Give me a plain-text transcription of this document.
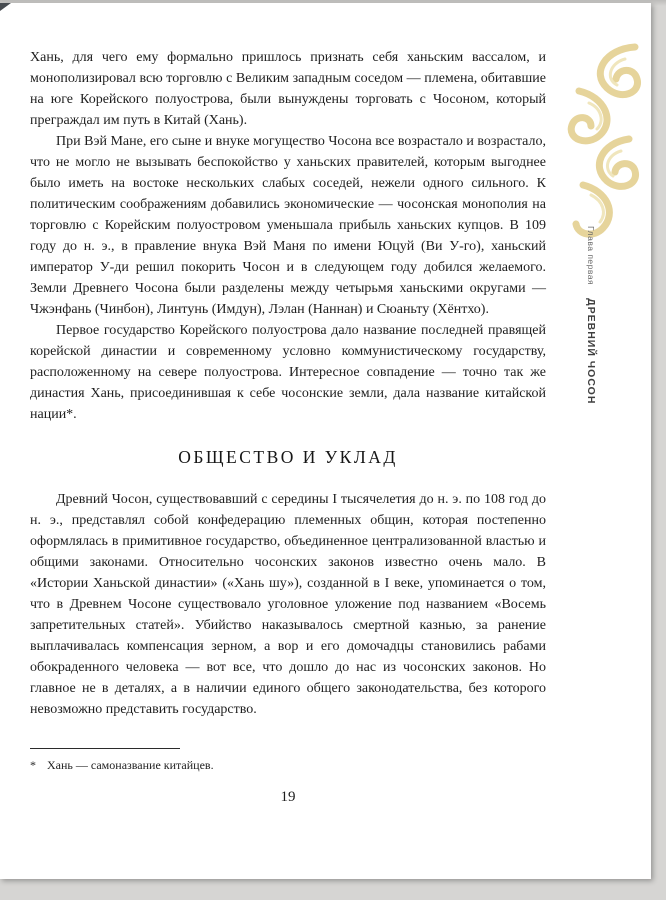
Глава первая ДРЕВНИЙ ЧОСОН

Хань, для чего ему формально пришлось признать себя ханьским вассалом, и монополизировал всю торговлю с Великим западным соседом — племена, обитавшие на юге Корейского полуострова, были вынуждены торговать с Чосоном, который преграждал им путь в Китай (Хань).

При Вэй Мане, его сыне и внуке могущество Чосона все возрастало и возрастало, что не могло не вызывать беспокойство у ханьских правителей, которым выгоднее было иметь на востоке нескольких слабых соседей, нежели одного сильного. К политическим соображениям добавились экономические — чосонская монополия на торговлю с Корейским полуостровом уменьшала прибыль ханьских купцов. В 109 году до н. э., в правление внука Вэй Маня по имени Юцуй (Ви У-го), ханьский император У-ди решил покорить Чосон и в следующем году добился желаемого. Земли Древнего Чосона были разделены между четырьмя ханьскими округами — Чжэнфань (Чинбон), Линтунь (Имдун), Лэлан (Наннан) и Сюаньту (Хёнтхо).

Первое государство Корейского полуострова дало название последней правящей корейской династии и современному условно коммунистическому государству, расположенному на севере полуострова. Интересное совпадение — точно так же династия Хань, присоединившая к себе чосонские земли, дала название китайской нации*.

ОБЩЕСТВО И УКЛАД

Древний Чосон, существовавший с середины I тысячелетия до н. э. по 108 год до н. э., представлял собой конфедерацию племенных общин, которая постепенно оформлялась в примитивное государство, объединенное централизованной властью и общими законами. Относительно чосонских законов известно очень мало. В «Истории Ханьской династии» («Хань шу»), созданной в I веке, упоминается о том, что в Древнем Чосоне существовало уголовное уложение под названием «Восемь запретительных статей». Убийство наказывалось смертной казнью, за ранение выплачивалась компенсация зерном, а вор и его домочадцы становились рабами обокраденного человека — вот все, что дошло до нас из чосонских законов. Но главное не в деталях, а в наличии единого общего законодательства, без которого невозможно представить государство.

* Хань — самоназвание китайцев.

19
